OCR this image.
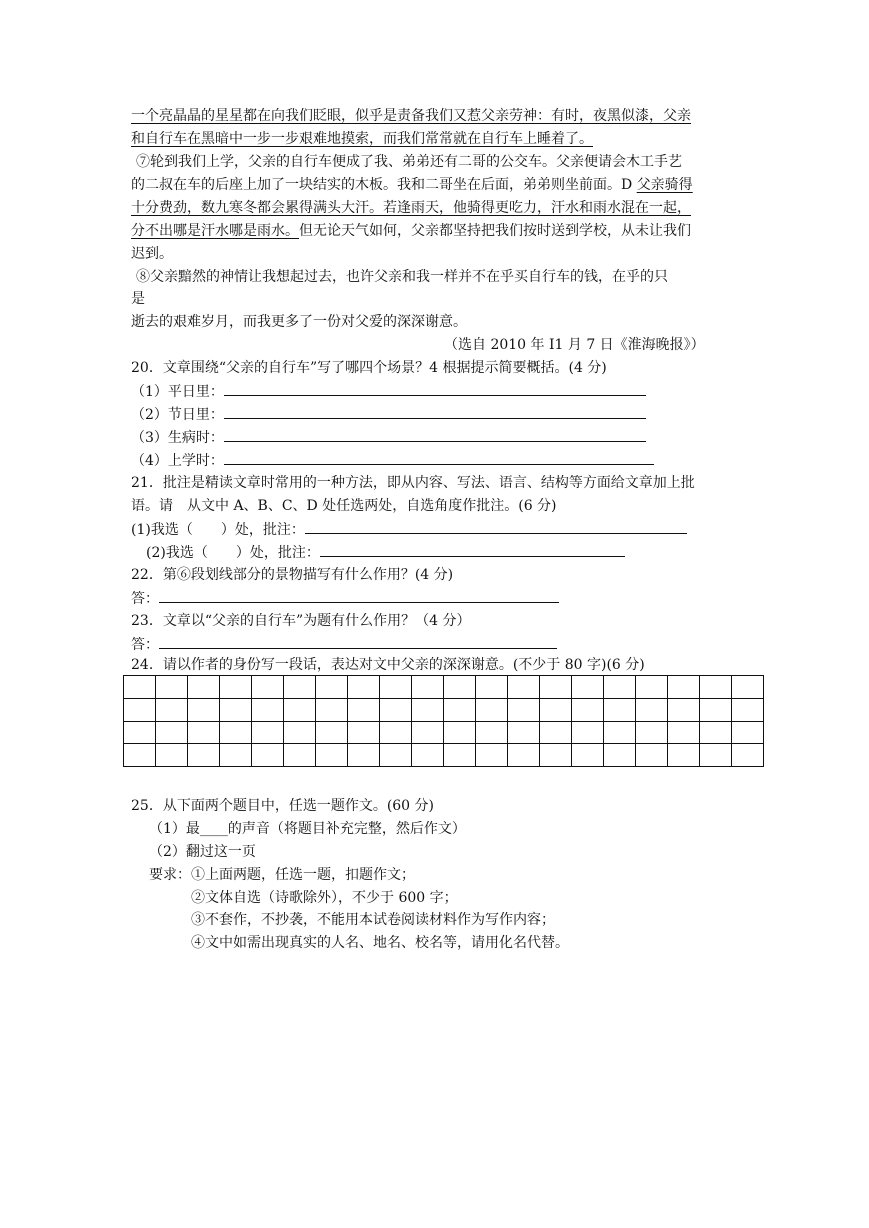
一个亮晶晶的星星都在向我们眨眼，似乎是责备我们又惹父亲劳神：有时，夜黑似漆，父亲
和自行车在黑暗中一步一步艰难地摸索，而我们常常就在自行车上睡着了。
⑦轮到我们上学，父亲的自行车便成了我、弟弟还有二哥的公交车。父亲便请会木工手艺
的二叔在车的后座上加了一块结实的木板。我和二哥坐在后面，弟弟则坐前面。D 父亲骑得
十分费劲，数九寒冬都会累得满头大汗。若逢雨天，他骑得更吃力，汗水和雨水混在一起，
分不出哪是汗水哪是雨水。但无论天气如何，父亲都坚持把我们按时送到学校，从未让我们
迟到。
⑧父亲黯然的神情让我想起过去，也许父亲和我一样并不在乎买自行车的钱，在乎的只
是
逝去的艰难岁月，而我更多了一份对父爱的深深谢意。
（选自 2010 年 I1 月 7 日《淮海晚报》）
20．文章围绕“父亲的自行车”写了哪四个场景？4 根据提示简要概括。(4 分)
（1）平日里：
（2）节日里：
（3）生病时：
（4）上学时：
21．批注是精读文章时常用的一种方法，即从内容、写法、语言、结构等方面给文章加上批
语。请　从文中 A、B、C、D 处任选两处，自选角度作批注。(6 分)
(1)我选（　　）处，批注：
(2)我选（　　）处，批注：
22．第⑥段划线部分的景物描写有什么作用？(4 分)
答：
23．文章以“父亲的自行车”为题有什么作用？（4 分）
答：
24．请以作者的身份写一段话，表达对文中父亲的深深谢意。(不少于 80 字)(6 分)

25．从下面两个题目中，任选一题作文。(60 分)
（1）最____的声音（将题目补充完整，然后作文）
（2）翻过这一页
要求：①上面两题，任选一题，扣题作文；
②文体自选（诗歌除外），不少于 600 字；
③不套作，不抄袭，不能用本试卷阅读材料作为写作内容；
④文中如需出现真实的人名、地名、校名等，请用化名代替。
